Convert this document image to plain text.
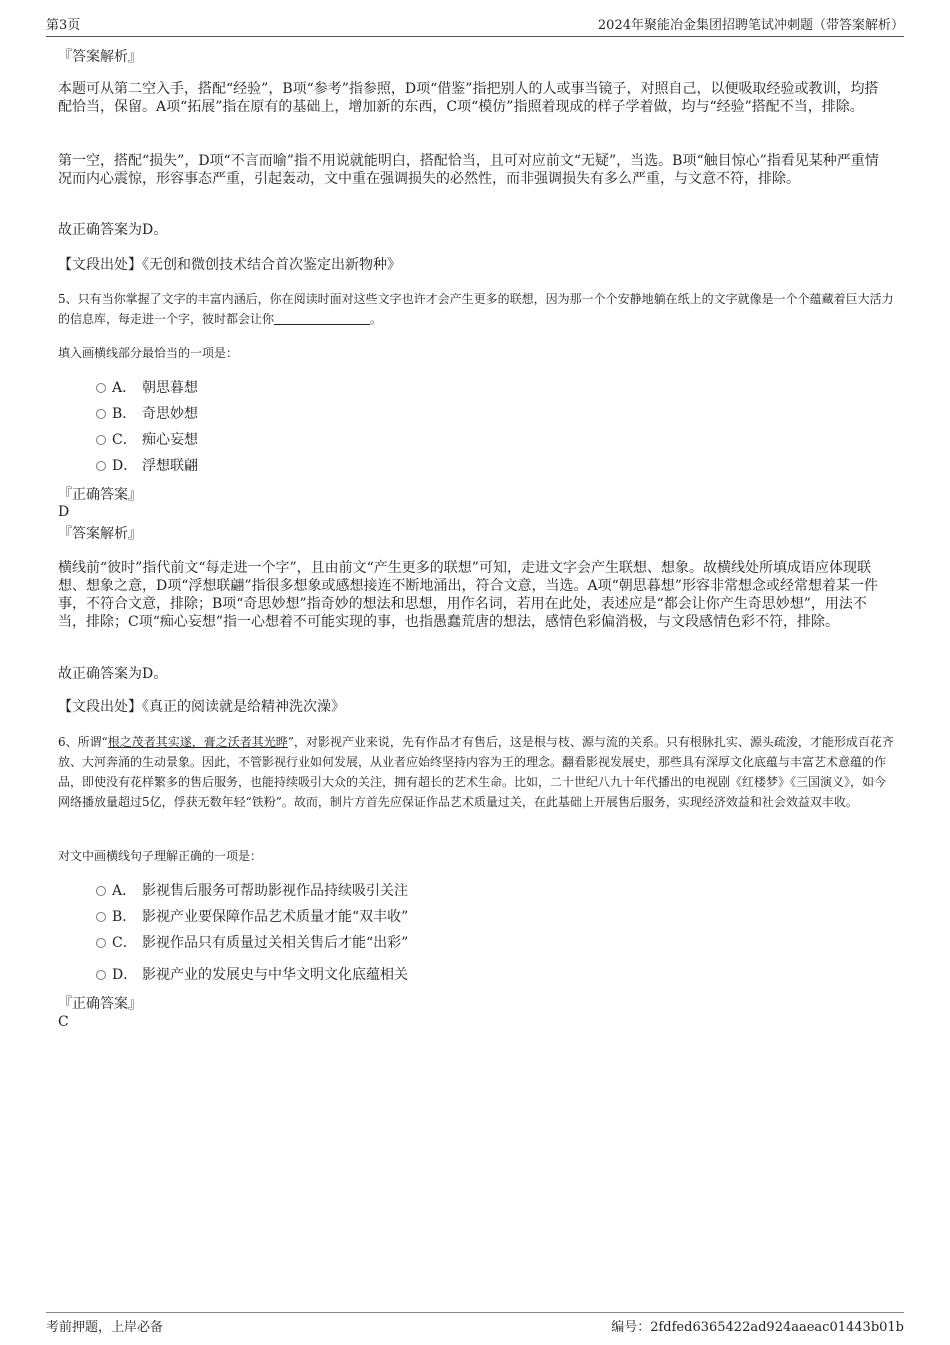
第3页	2024年聚能冶金集团招聘笔试冲刺题（带答案解析）
『答案解析』
本题可从第二空入手，搭配“经验”，B项“参考”指参照，D项“借鉴”指把别人的人或事当镜子，对照自己，以便吸取经验或教训，均搭配恰当，保留。A项“拓展”指在原有的基础上，增加新的东西，C项“模仿”指照着现成的样子学着做，均与“经验”搭配不当，排除。
第一空，搭配“损失”，D项“不言而喻”指不用说就能明白，搭配恰当，且可对应前文“无疑”，当选。B项“触目惊心”指看见某种严重情况而内心震惊，形容事态严重，引起轰动，文中重在强调损失的必然性，而非强调损失有多么严重，与文意不符，排除。
故正确答案为D。
【文段出处】《无创和微创技术结合首次鉴定出新物种》
5、只有当你掌握了文字的丰富内涵后，你在阅读时面对这些文字也许才会产生更多的联想，因为那一个个安静地躺在纸上的文字就像是一个个蕴藏着巨大活力的信息库，每走进一个字，彼时都会让你	。
填入画横线部分最恰当的一项是：
A． 朝思暮想
B． 奇思妙想
C． 痴心妄想
D． 浮想联翩
『正确答案』
D
『答案解析』
横线前“彼时”指代前文“每走进一个字”，且由前文“产生更多的联想”可知，走进文字会产生联想、想象。故横线处所填成语应体现联想、想象之意，D项“浮想联翩”指很多想象或感想接连不断地涌出，符合文意，当选。A项“朝思暮想”形容非常想念或经常想着某一件事，不符合文意，排除；B项“奇思妙想”指奇妙的想法和思想，用作名词，若用在此处，表述应是“都会让你产生奇思妙想”，用法不当，排除；C项“痴心妄想”指一心想着不可能实现的事，也指愚蠢荒唐的想法，感情色彩偏消极，与文段感情色彩不符，排除。
故正确答案为D。
【文段出处】《真正的阅读就是给精神洗次澡》
6、所谓“根之茂者其实遂，膏之沃者其光晔”，对影视产业来说，先有作品才有售后，这是根与枝、源与流的关系。只有根脉扎实、源头疏浚，才能形成百花齐放、大河奔涌的生动景象。因此，不管影视行业如何发展，从业者应始终坚持内容为王的理念。翻看影视发展史，那些具有深厚文化底蕴与丰富艺术意蕴的作品，即使没有花样繁多的售后服务，也能持续吸引大众的关注，拥有超长的艺术生命。比如，二十世纪八九十年代播出的电视剧《红楼梦》《三国演义》，如今网络播放量超过5亿，俘获无数年轻“铁粉”。故而，制片方首先应保证作品艺术质量过关，在此基础上开展售后服务，实现经济效益和社会效益双丰收。
对文中画横线句子理解正确的一项是：
A． 影视售后服务可帮助影视作品持续吸引关注
B． 影视产业要保障作品艺术质量才能“双丰收”
C． 影视作品只有质量过关相关售后才能“出彩”
D． 影视产业的发展史与中华文明文化底蕴相关
『正确答案』
C
考前押题，上岸必备	编号：2fdfed6365422ad924aaeac01443b01b
